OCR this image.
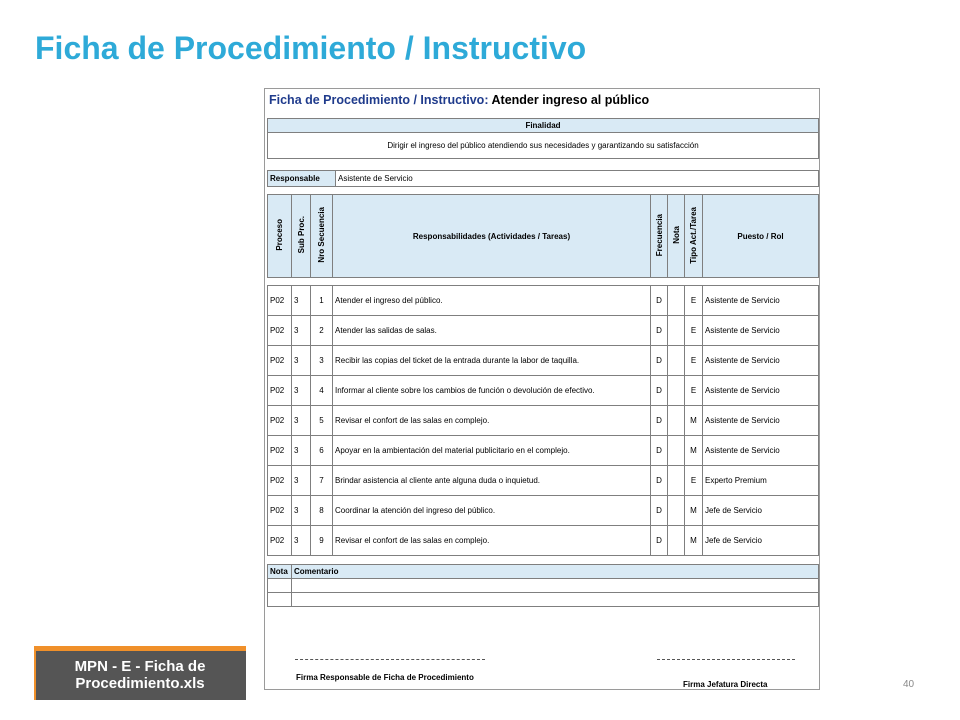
Ficha de Procedimiento / Instructivo
Ficha de Procedimiento / Instructivo: Atender ingreso al público
Finalidad
Dirigir el ingreso del público atendiendo sus necesidades y garantizando su satisfacción
Responsable	Asistente de Servicio
Proceso	Sub Proc.	Nro Secuencia	Responsabilidades (Actividades / Tareas)	Frecuencia	Nota	Tipo Act./Tarea	Puesto / Rol
P02	3	1	Atender el ingreso del público.	D		E	Asistente de Servicio
P02	3	2	Atender las salidas de salas.	D		E	Asistente de Servicio
P02	3	3	Recibir las copias del ticket de la entrada durante la labor de taquilla.	D		E	Asistente de Servicio
P02	3	4	Informar al cliente sobre los cambios de función o devolución de efectivo.	D		E	Asistente de Servicio
P02	3	5	Revisar el confort de las salas en complejo.	D		M	Asistente de Servicio
P02	3	6	Apoyar en la ambientación del material publicitario en el complejo.	D		M	Asistente de Servicio
P02	3	7	Brindar asistencia al cliente ante alguna duda o inquietud.	D		E	Experto Premium
P02	3	8	Coordinar la atención del ingreso del público.	D		M	Jefe de Servicio
P02	3	9	Revisar el confort de las salas en complejo.	D		M	Jefe de Servicio
Nota	Comentario

Firma Responsable de Ficha de Procedimiento
Firma Jefatura Directa
MPN - E - Ficha de Procedimiento.xls	40
